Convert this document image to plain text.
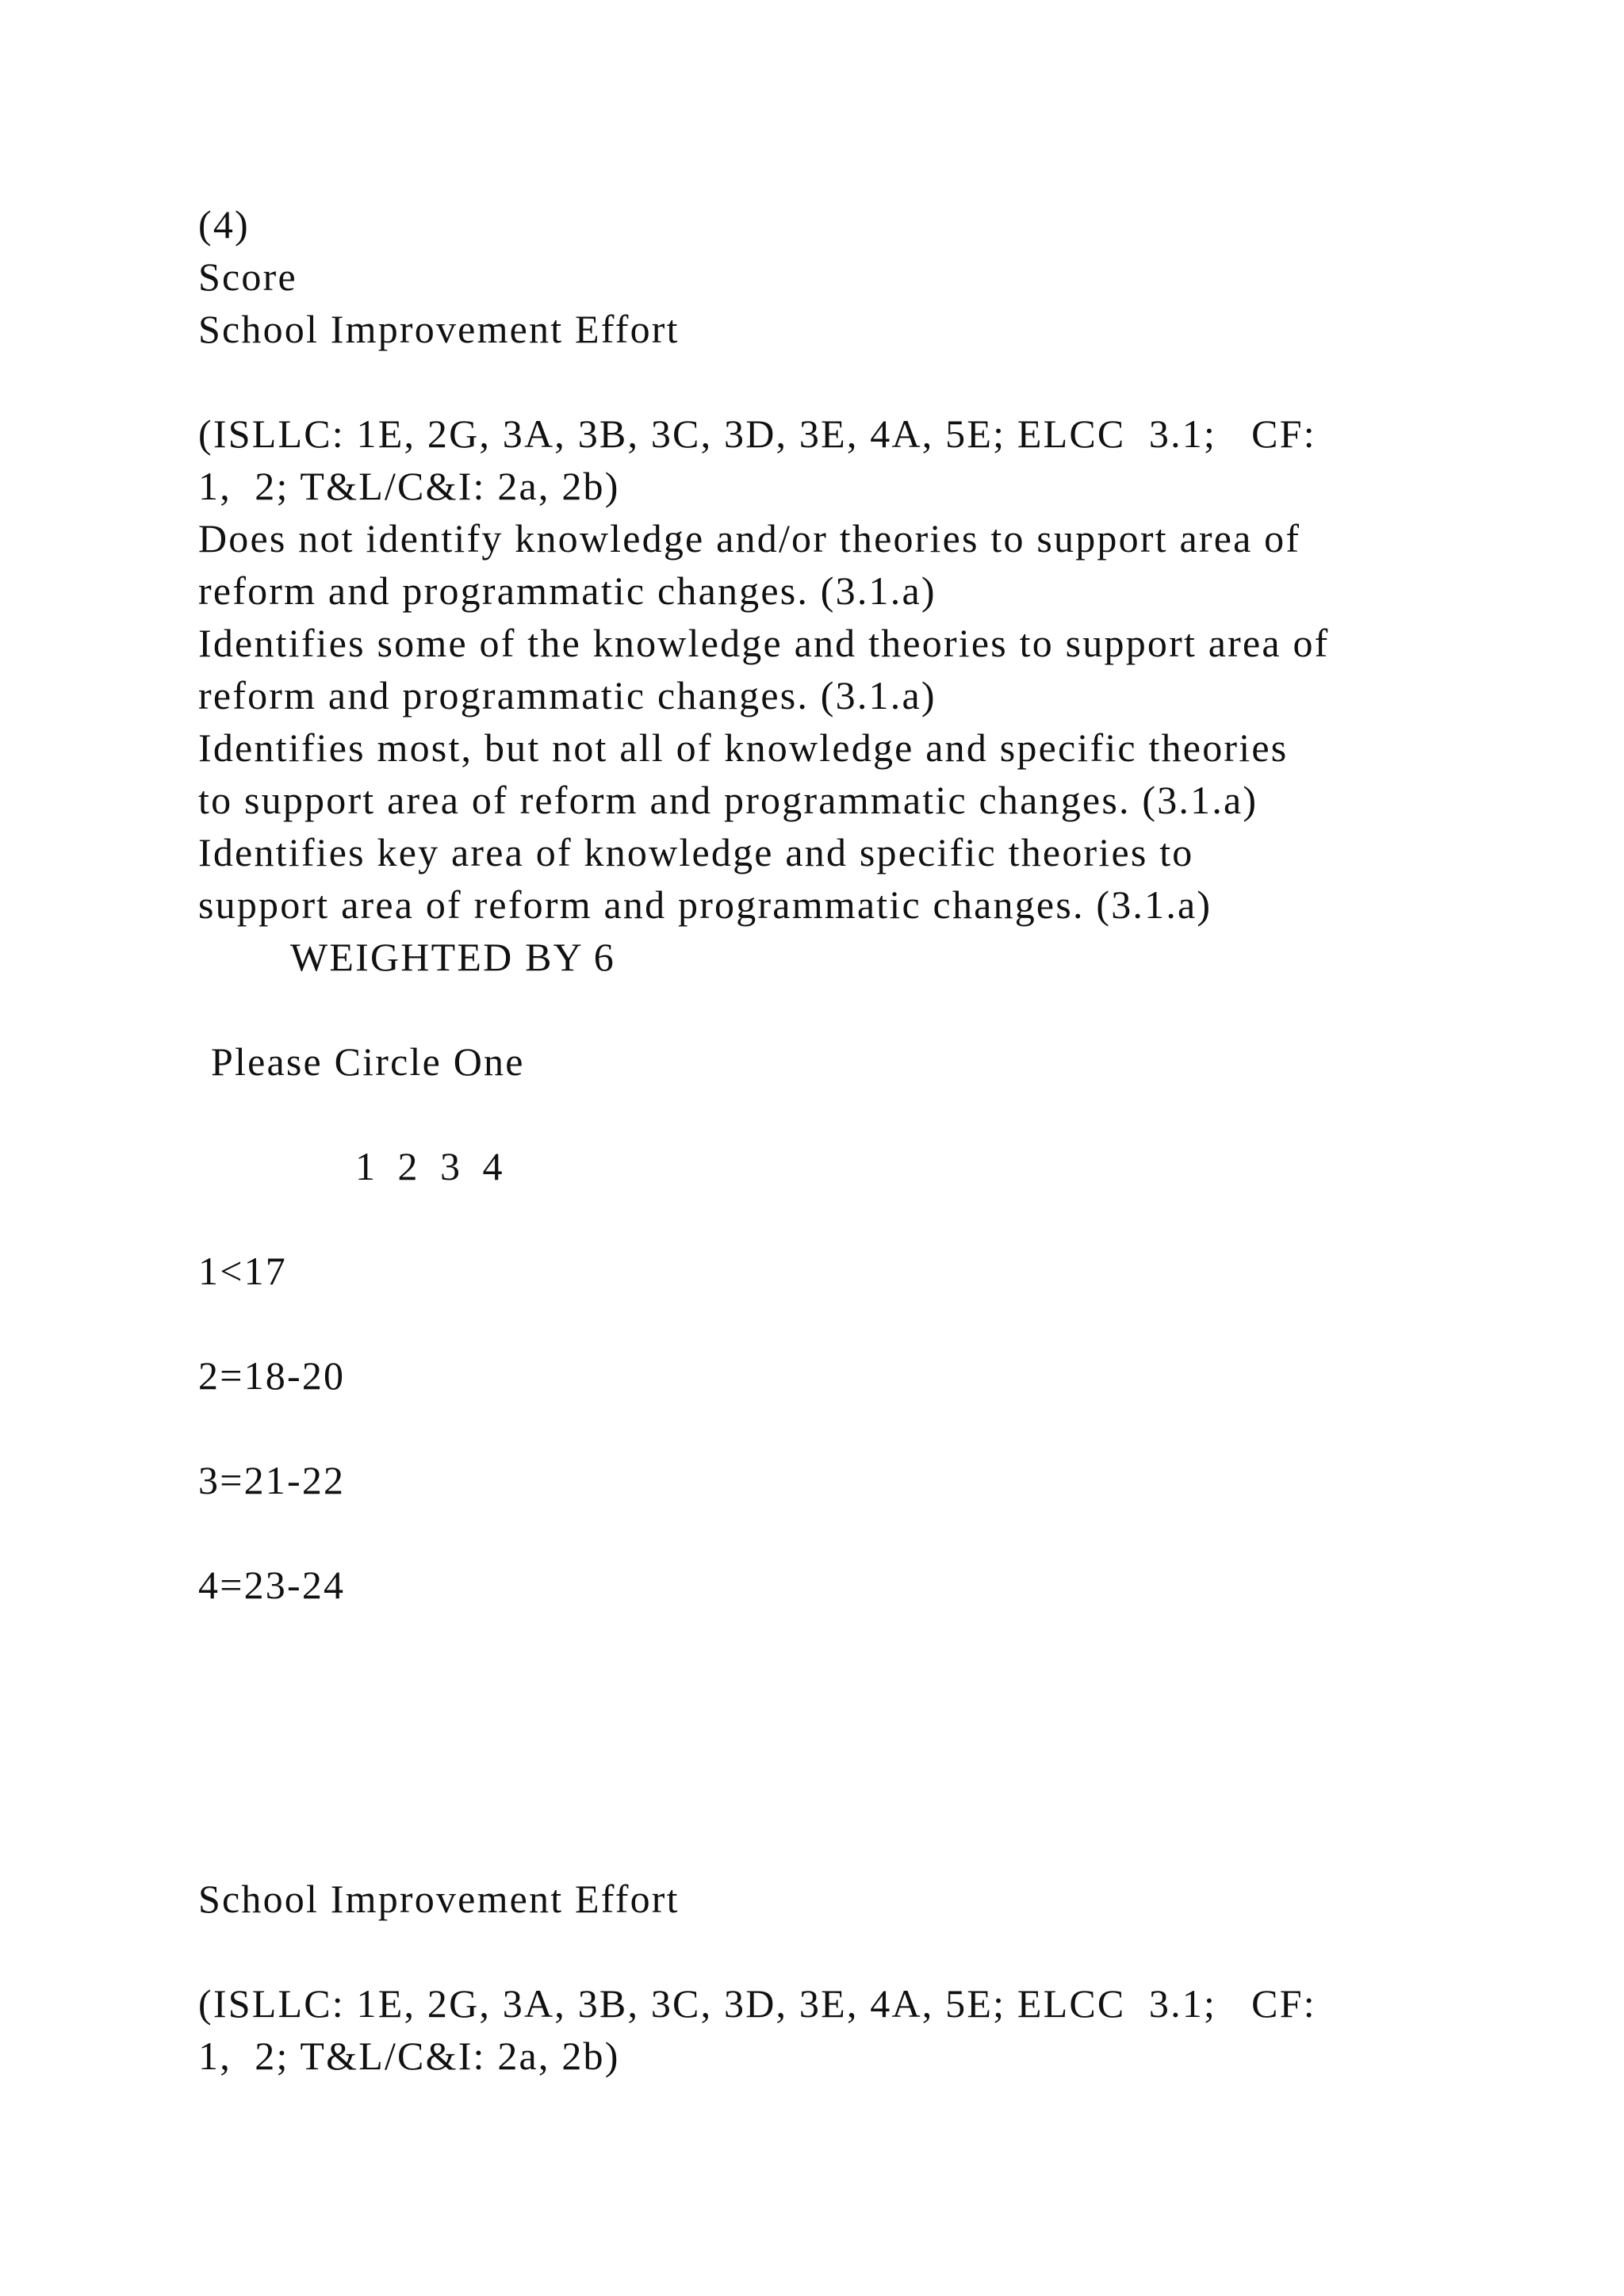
(4)
Score
School Improvement Effort
(ISLLC: 1E, 2G, 3A, 3B, 3C, 3D, 3E, 4A, 5E; ELCC  3.1;   CF:
1,  2; T&L/C&I: 2a, 2b)
Does not identify knowledge and/or theories to support area of
reform and programmatic changes. (3.1.a)
Identifies some of the knowledge and theories to support area of
reform and programmatic changes. (3.1.a)
Identifies most, but not all of knowledge and specific theories
to support area of reform and programmatic changes. (3.1.a)
Identifies key area of knowledge and specific theories to
support area of reform and programmatic changes. (3.1.a)
WEIGHTED BY 6
Please Circle One
1 2 3 4
1<17
2=18-20
3=21-22
4=23-24
School Improvement Effort
(ISLLC: 1E, 2G, 3A, 3B, 3C, 3D, 3E, 4A, 5E; ELCC  3.1;   CF:
1,  2; T&L/C&I: 2a, 2b)
